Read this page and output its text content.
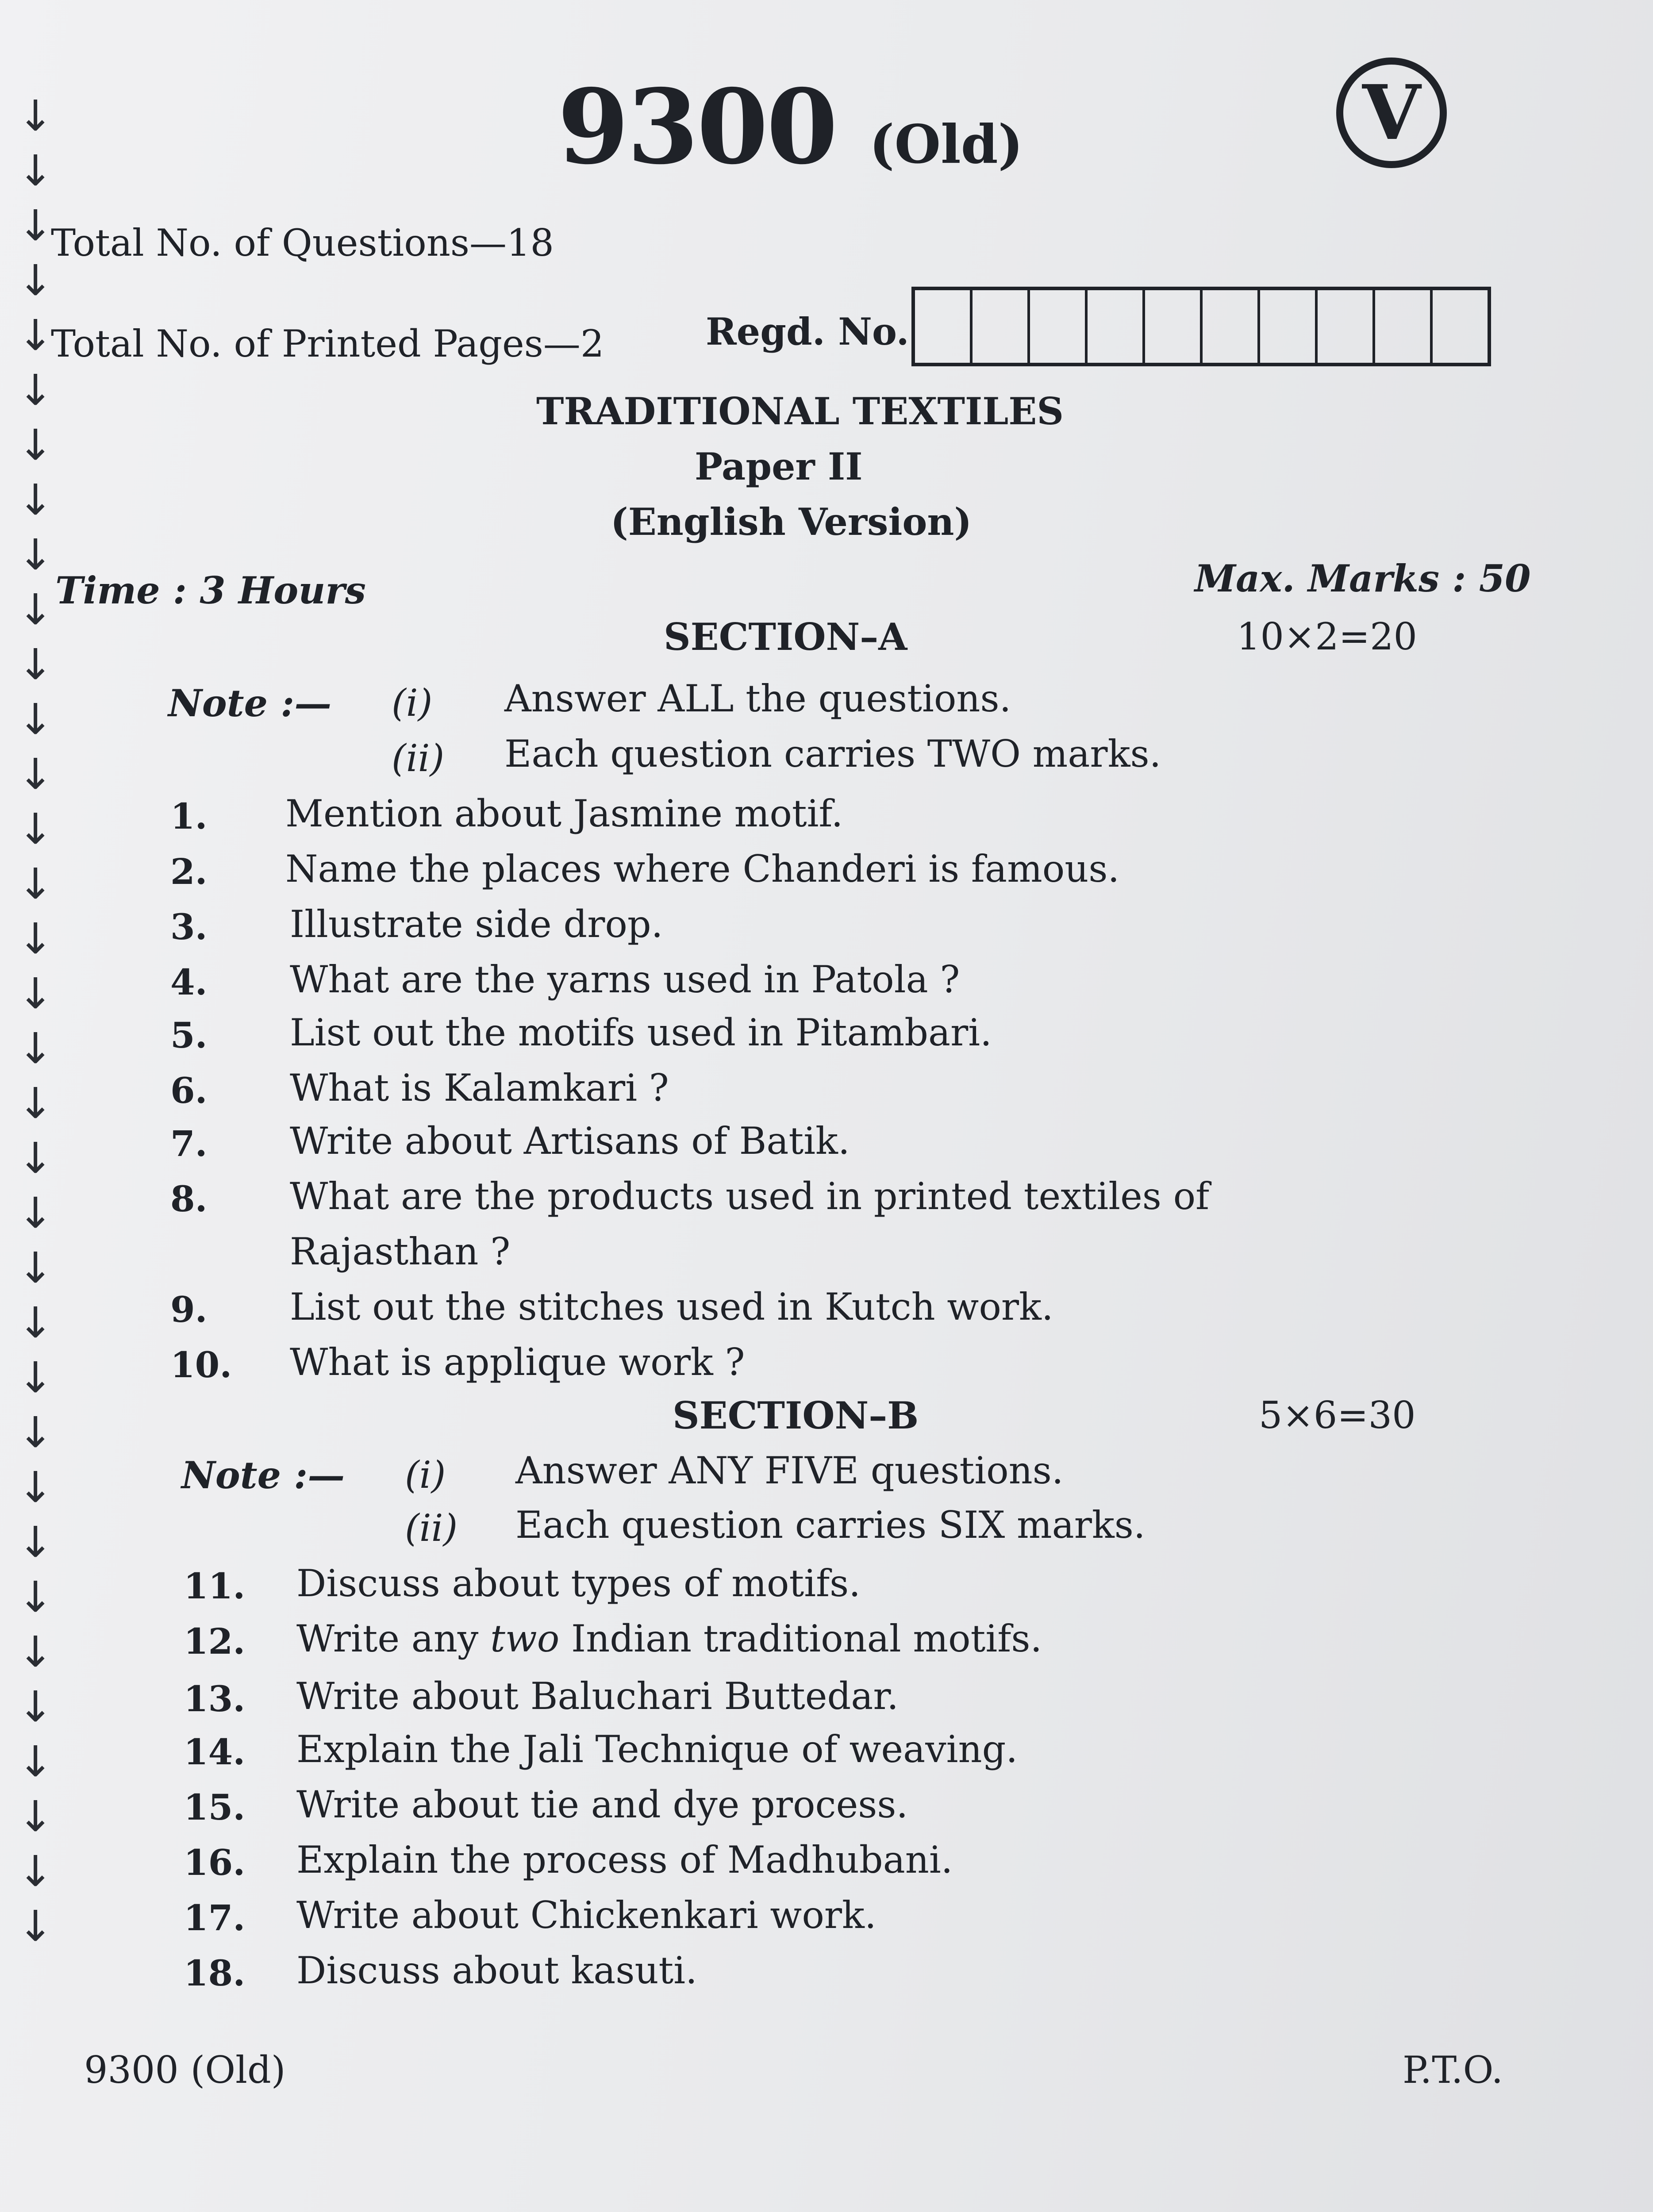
↓
↓
↓
↓
↓
↓
↓
↓
↓
↓
↓
↓
↓
↓
↓
↓
↓
↓
↓
↓
↓
↓
↓
↓
↓
↓
↓
↓
↓
↓
↓
↓
↓
↓
9300 (Old)	V
Total No. of Questions—18
Total No. of Printed Pages—2	Regd. No.
TRADITIONAL TEXTILES
Paper II
(English Version)
Time : 3 Hours	Max. Marks : 50
SECTION–A	10×2=20
Note :— (i) Answer ALL the questions.
(ii) Each question carries TWO marks.
1. Mention about Jasmine motif.
2. Name the places where Chanderi is famous.
3. Illustrate side drop.
4. What are the yarns used in Patola ?
5. List out the motifs used in Pitambari.
6. What is Kalamkari ?
7. Write about Artisans of Batik.
8. What are the products used in printed textiles of
Rajasthan ?
9. List out the stitches used in Kutch work.
10. What is applique work ?
SECTION–B	5×6=30
Note :— (i) Answer ANY FIVE questions.
(ii) Each question carries SIX marks.
11. Discuss about types of motifs.
12. Write any two Indian traditional motifs.
13. Write about Baluchari Buttedar.
14. Explain the Jali Technique of weaving.
15. Write about tie and dye process.
16. Explain the process of Madhubani.
17. Write about Chickenkari work.
18. Discuss about kasuti.
9300 (Old)	P.T.O.
